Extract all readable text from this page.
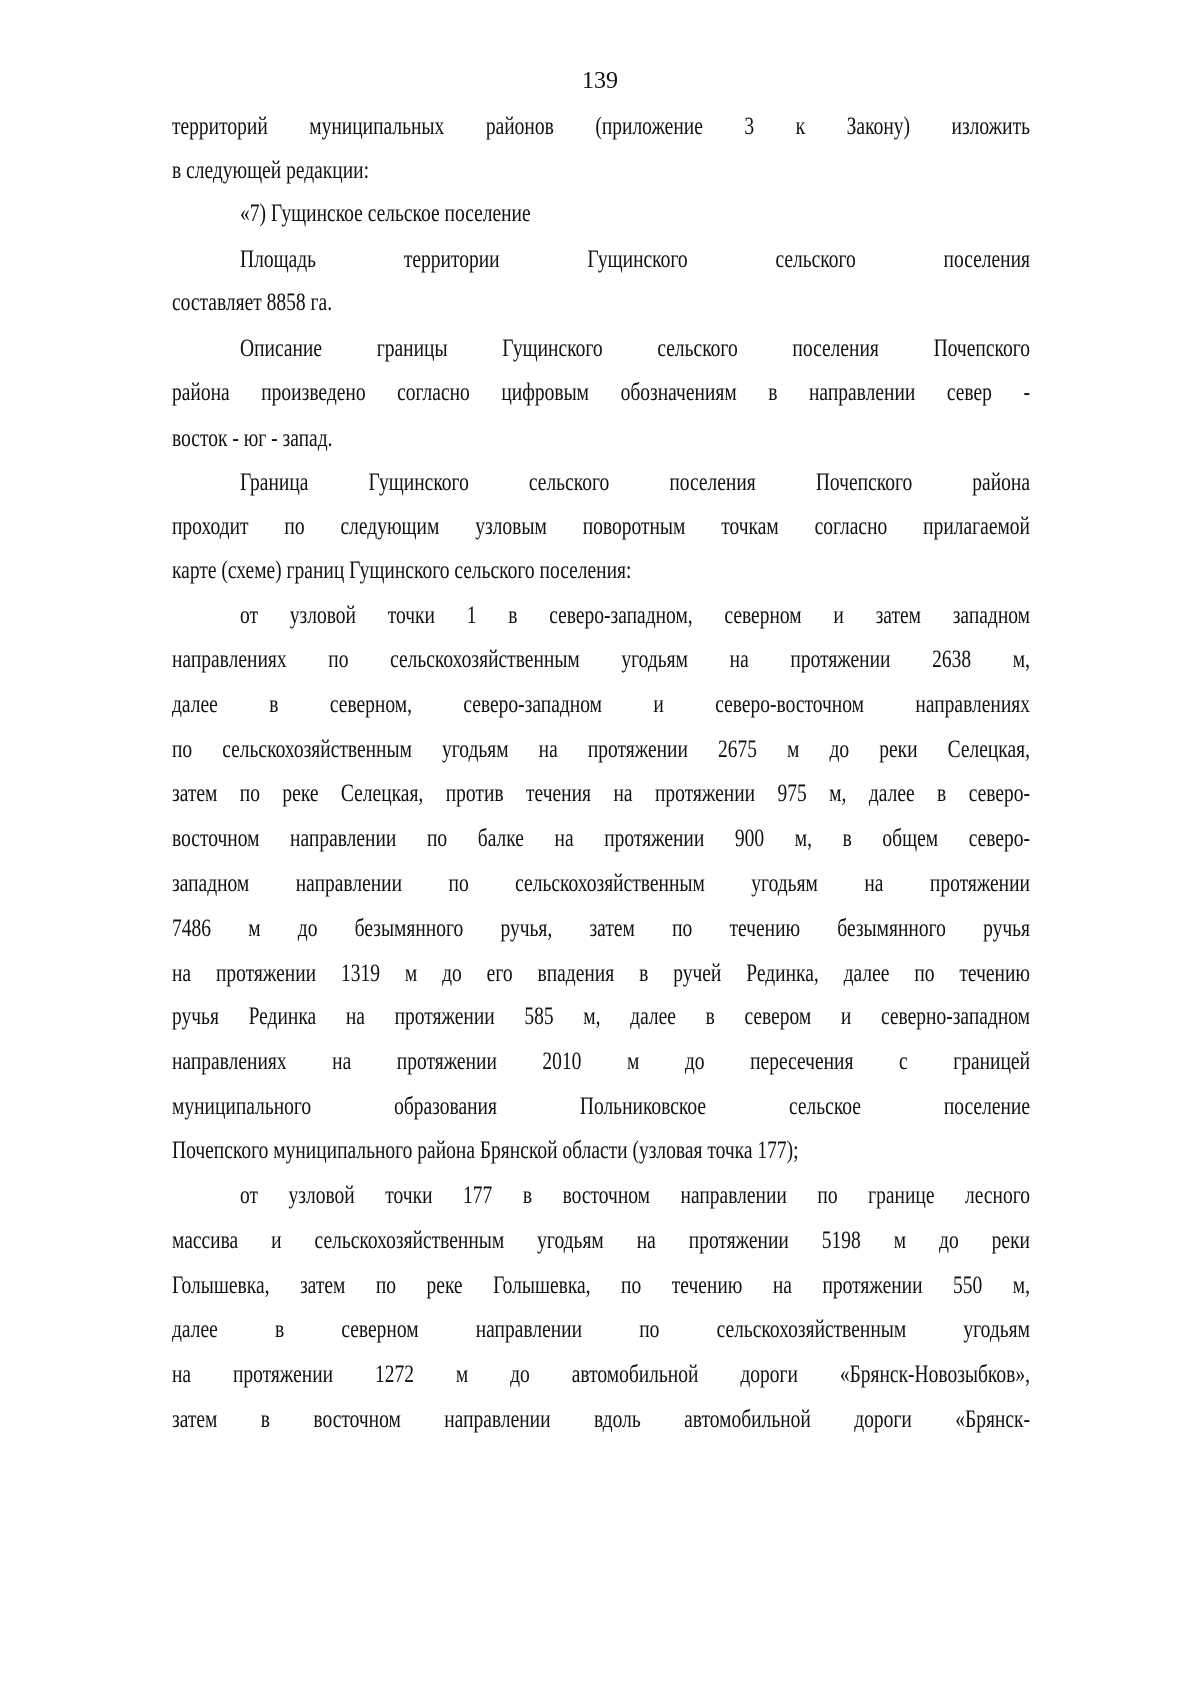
139
территорий муниципальных районов (приложение 3 к Закону) изложить
в следующей редакции:
«7) Гущинское сельское поселение
Площадь территории Гущинского сельского поселения
составляет 8858 га.
Описание границы Гущинского сельского поселения Почепского
района произведено согласно цифровым обозначениям в направлении север -
восток - юг - запад.
Граница Гущинского сельского поселения Почепского района
проходит по следующим узловым поворотным точкам согласно прилагаемой
карте (схеме) границ Гущинского сельского поселения:
от узловой точки 1 в северо-западном, северном и затем западном
направлениях по сельскохозяйственным угодьям на протяжении 2638 м,
далее в северном, северо-западном и северо-восточном направлениях
по сельскохозяйственным угодьям на протяжении 2675 м до реки Селецкая,
затем по реке Селецкая, против течения на протяжении 975 м, далее в северо-
восточном направлении по балке на протяжении 900 м, в общем северо-
западном направлении по сельскохозяйственным угодьям на протяжении
7486 м до безымянного ручья, затем по течению безымянного ручья
на протяжении 1319 м до его впадения в ручей Рединка, далее по течению
ручья Рединка на протяжении 585 м, далее в севером и северно-западном
направлениях на протяжении 2010 м до пересечения с границей
муниципального образования Польниковское сельское поселение
Почепского муниципального района Брянской области (узловая точка 177);
от узловой точки 177 в восточном направлении по границе лесного
массива и сельскохозяйственным угодьям на протяжении 5198 м до реки
Голышевка, затем по реке Голышевка, по течению на протяжении 550 м,
далее в северном направлении по сельскохозяйственным угодьям
на протяжении 1272 м до автомобильной дороги «Брянск-Новозыбков»,
затем в восточном направлении вдоль автомобильной дороги «Брянск-
